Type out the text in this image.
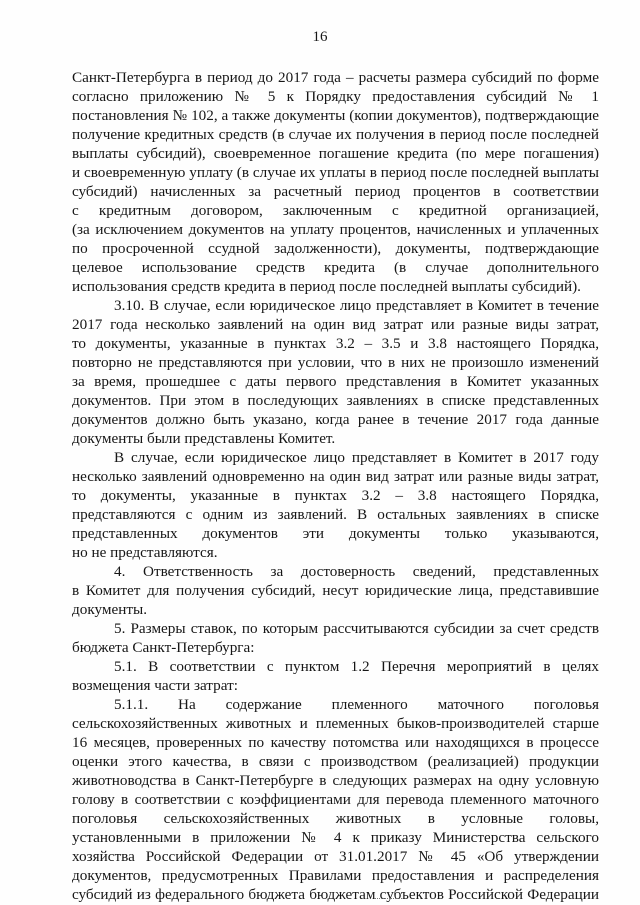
16
Санкт-Петербурга в период до 2017 года – расчеты размера субсидий по форме
согласно приложению № 5 к Порядку предоставления субсидий № 1
постановления № 102, а также документы (копии документов), подтверждающие
получение кредитных средств (в случае их получения в период после последней
выплаты субсидий), своевременное погашение кредита (по мере погашения)
и своевременную уплату (в случае их уплаты в период после последней выплаты
субсидий) начисленных за расчетный период процентов в соответствии
с кредитным договором, заключенным с кредитной организацией,
(за исключением документов на уплату процентов, начисленных и уплаченных
по просроченной ссудной задолженности), документы, подтверждающие
целевое использование средств кредита (в случае дополнительного
использования средств кредита в период после последней выплаты субсидий).
3.10. В случае, если юридическое лицо представляет в Комитет в течение
2017 года несколько заявлений на один вид затрат или разные виды затрат,
то документы, указанные в пунктах 3.2 – 3.5 и 3.8 настоящего Порядка,
повторно не представляются при условии, что в них не произошло изменений
за время, прошедшее с даты первого представления в Комитет указанных
документов. При этом в последующих заявлениях в списке представленных
документов должно быть указано, когда ранее в течение 2017 года данные
документы были представлены Комитет.
В случае, если юридическое лицо представляет в Комитет в 2017 году
несколько заявлений одновременно на один вид затрат или разные виды затрат,
то документы, указанные в пунктах 3.2 – 3.8 настоящего Порядка,
представляются с одним из заявлений. В остальных заявлениях в списке
представленных документов эти документы только указываются,
но не представляются.
4. Ответственность за достоверность сведений, представленных
в Комитет для получения субсидий, несут юридические лица, представившие
документы.
5. Размеры ставок, по которым рассчитываются субсидии за счет средств
бюджета Санкт-Петербурга:
5.1. В соответствии с пунктом 1.2 Перечня мероприятий в целях
возмещения части затрат:
5.1.1. На содержание племенного маточного поголовья
сельскохозяйственных животных и племенных быков-производителей старше
16 месяцев, проверенных по качеству потомства или находящихся в процессе
оценки этого качества, в связи с производством (реализацией) продукции
животноводства в Санкт-Петербурге в следующих размерах на одну условную
голову в соответствии с коэффициентами для перевода племенного маточного
поголовья сельскохозяйственных животных в условные головы,
установленными в приложении № 4 к приказу Министерства сельского
хозяйства Российской Федерации от 31.01.2017 № 45 «Об утверждении
документов, предусмотренных Правилами предоставления и распределения
субсидий из федерального бюджета бюджетам субъектов Российской Федерации
